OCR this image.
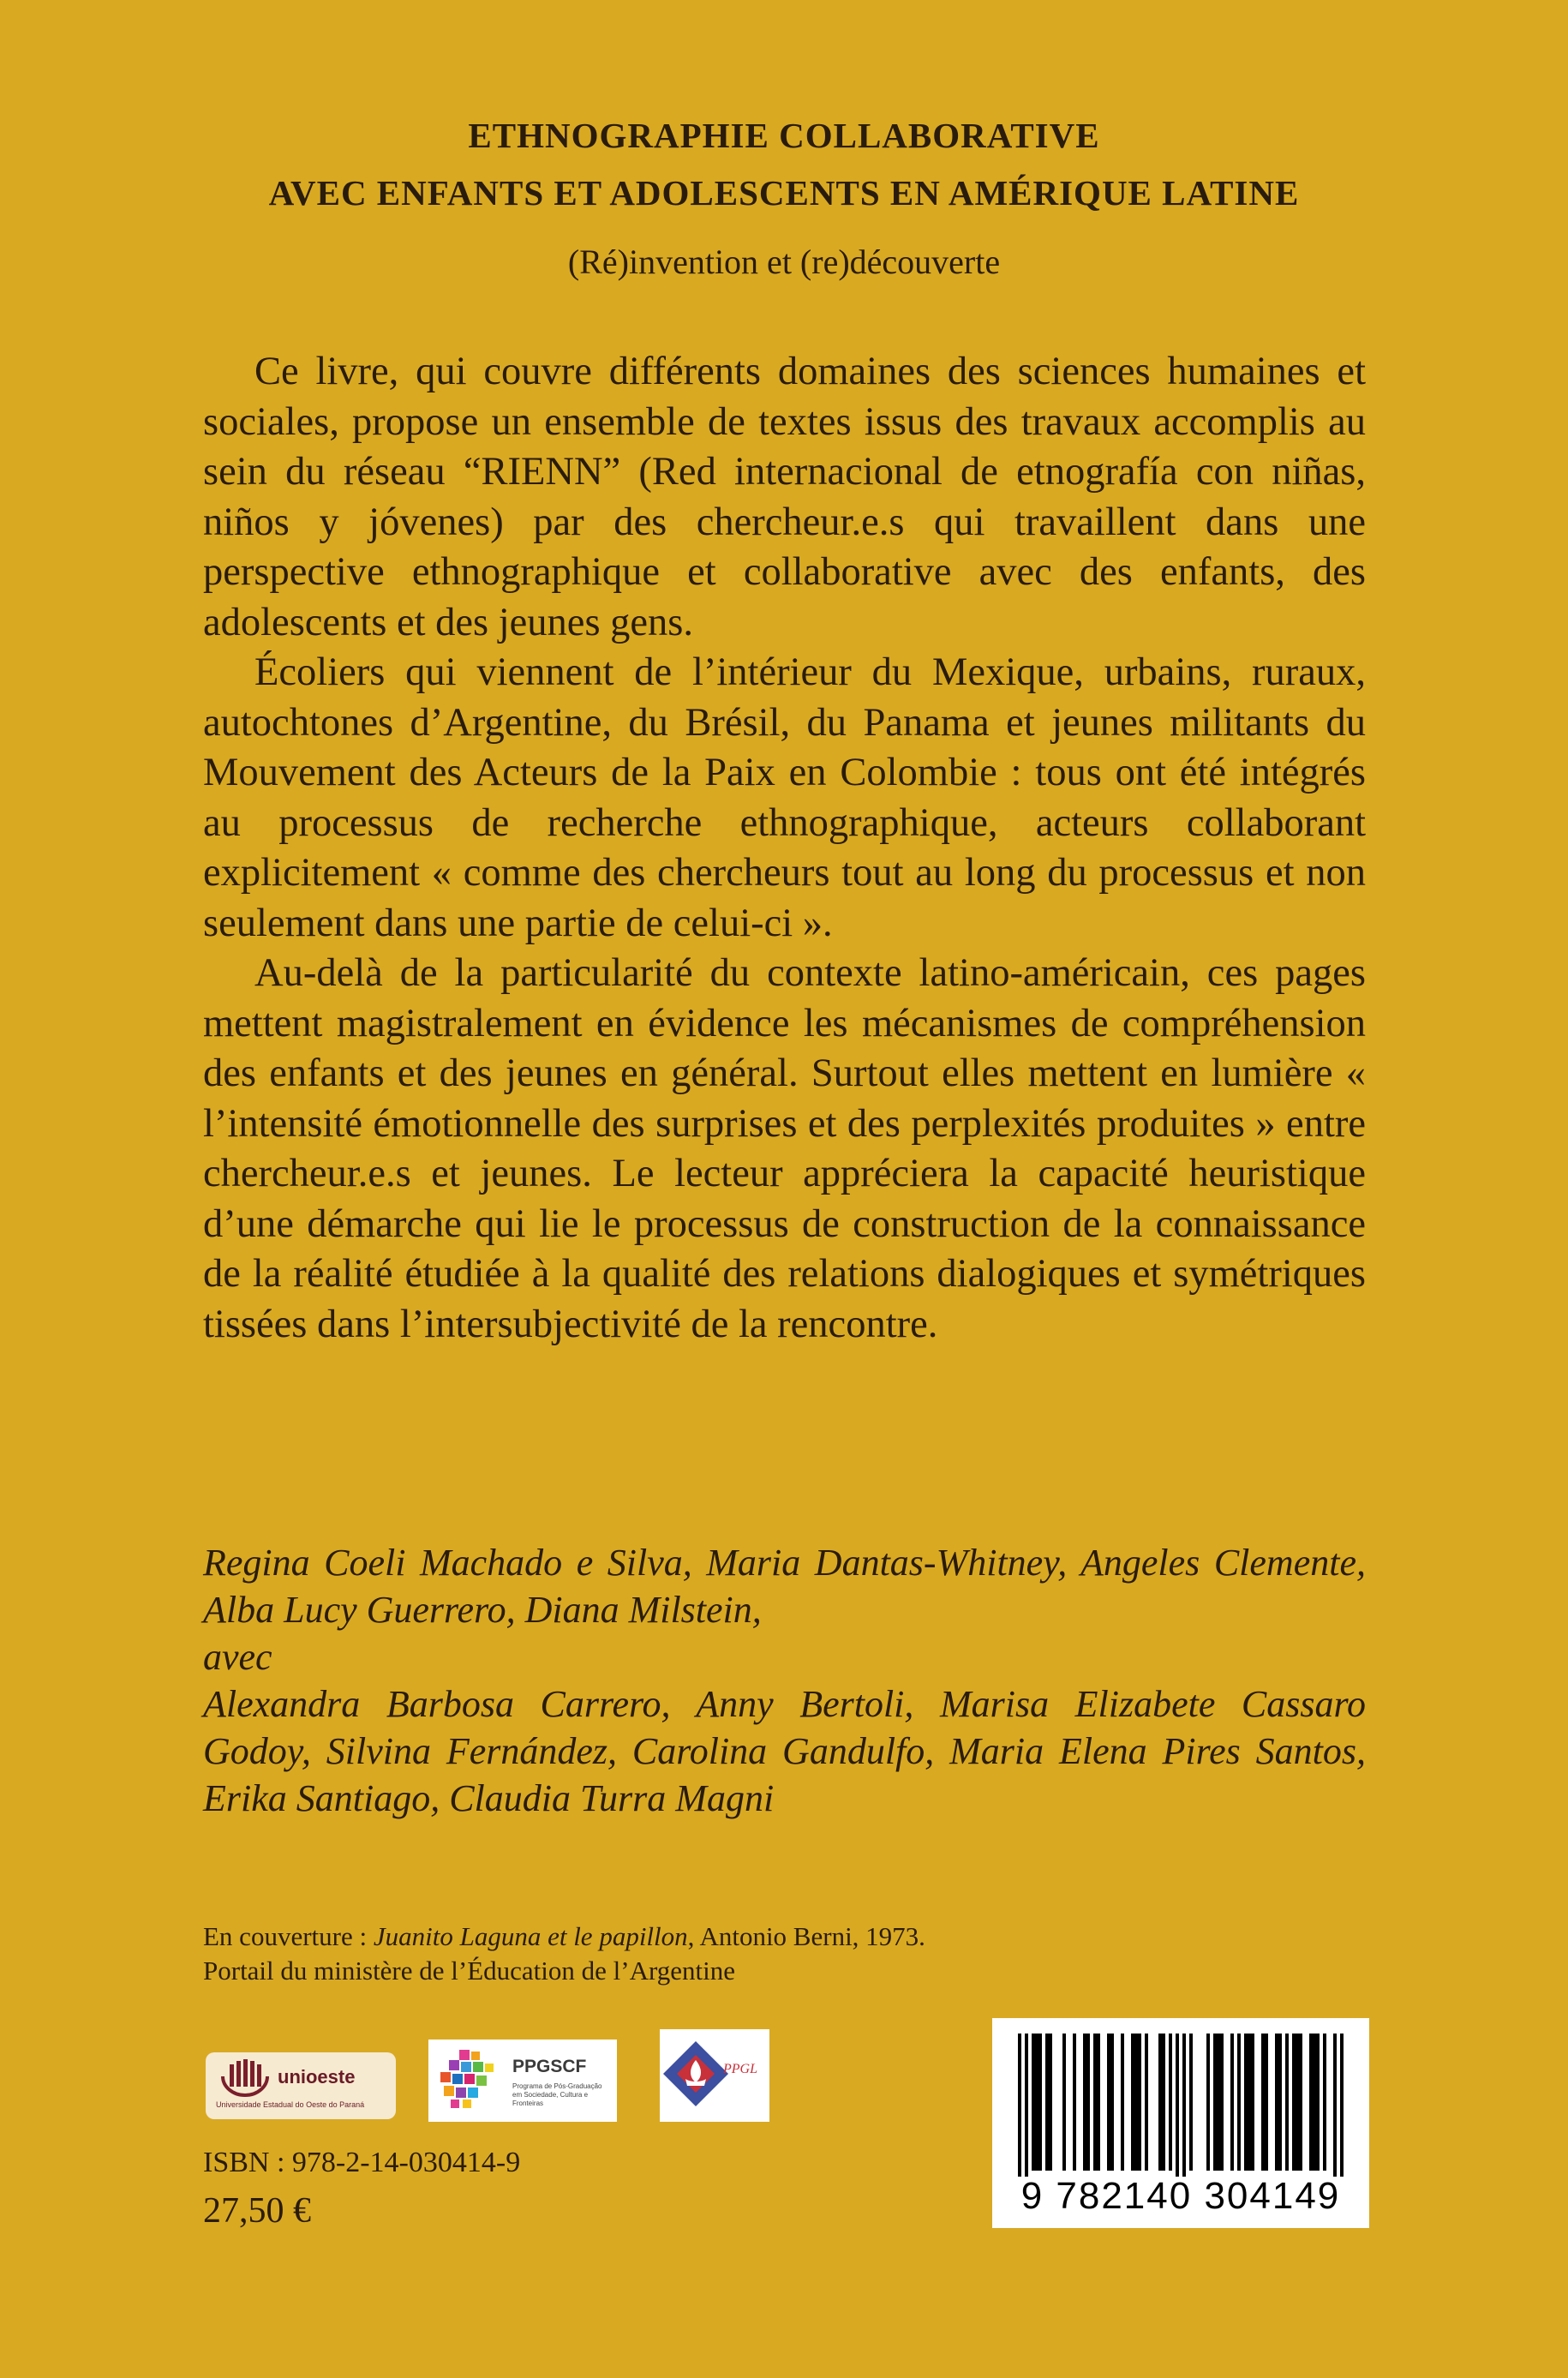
ETHNOGRAPHIE COLLABORATIVE
AVEC ENFANTS ET ADOLESCENTS EN AMÉRIQUE LATINE
(Ré)invention et (re)découverte

Ce livre, qui couvre différents domaines des sciences humaines et sociales, propose un ensemble de textes issus des travaux accomplis au sein du réseau “RIENN” (Red internacional de etnografía con niñas, niños y jóvenes) par des chercheur.e.s qui travaillent dans une perspective ethnographique et collaborative avec des enfants, des adolescents et des jeunes gens.

Écoliers qui viennent de l’intérieur du Mexique, urbains, ruraux, autochtones d’Argentine, du Brésil, du Panama et jeunes militants du Mouvement des Acteurs de la Paix en Colombie : tous ont été intégrés au processus de recherche ethnographique, acteurs collaborant explicitement « comme des chercheurs tout au long du processus et non seulement dans une partie de celui-ci ».

Au-delà de la particularité du contexte latino-américain, ces pages mettent magistralement en évidence les mécanismes de compréhension des enfants et des jeunes en général. Surtout elles mettent en lumière « l’intensité émotionnelle des surprises et des perplexités produites » entre chercheur.e.s et jeunes. Le lecteur appréciera la capacité heuristique d’une démarche qui lie le processus de construction de la connaissance de la réalité étudiée à la qualité des relations dialogiques et symétriques tissées dans l’intersubjectivité de la rencontre.

Regina Coeli Machado e Silva, Maria Dantas-Whitney, Angeles Clemente, Alba Lucy Guerrero, Diana Milstein,

avec

Alexandra Barbosa Carrero, Anny Bertoli, Marisa Elizabete Cassaro Godoy, Silvina Fernández, Carolina Gandulfo, Maria Elena Pires Santos, Erika Santiago, Claudia Turra Magni

En couverture : Juanito Laguna et le papillon, Antonio Berni, 1973.
Portail du ministère de l’Éducation de l’Argentine
unioeste
Universidade Estadual do Oeste do Paraná
PPGSCF
Programa de Pós-Graduação em Sociedade, Cultura e Fronteiras
PPGL
ISBN : 978-2-14-030414-9
27,50 €	9 782140 304149
